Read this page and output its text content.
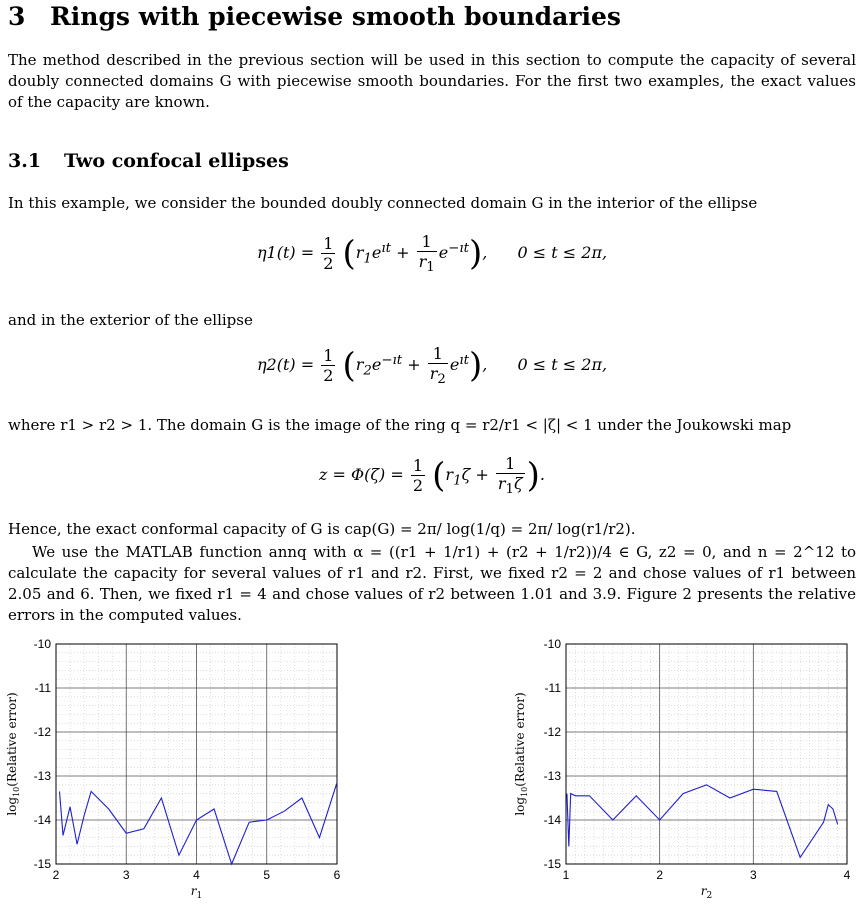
3 Rings with piecewise smooth boundaries
The method described in the previous section will be used in this section to compute the capacity of several doubly connected domains G with piecewise smooth boundaries. For the first two examples, the exact values of the capacity are known.
3.1 Two confocal ellipses
In this example, we consider the bounded doubly connected domain G in the interior of the ellipse
$\eta 1(t) = \frac{1}{2} (r_1e^{ıt} + \frac{1}{r_1} e^{-ıt})$,  0 ≤ t ≤ 2π,
and in the exterior of the ellipse
$\eta 2(t) = \frac{1}{2} (r_2e^{-ıt} + \frac{1}{r_2} e^{ıt})$,  0 ≤ t ≤ 2π,
where r1 > r2 > 1. The domain G is the image of the ring q = r2/r1 < |ζ| < 1 under the Joukowski map
$z = \Phi(\zeta) = \frac{1}{2} (r_1\zeta + \frac{1}{r_1\zeta}$ ).
Hence, the exact conformal capacity of G is cap(G) = 2π/ log(1/q) = 2π/ log(r1/r2).
We use the MATLAB function annq with α = ((r1 + 1/r1) + (r2 + 1/r2))/4 ∈ G, z2 = 0, and n = 2^12 to calculate the capacity for several values of r1 and r2. First, we fixed r2 = 2 and chose values of r1 between 2.05 and 6. Then, we fixed r1 = 4 and chose values of r2 between 1.01 and 3.9. Figure 2 presents the relative errors in the computed values.
2	3	4	5	6
-15
-14
-13
-12
-11
-10
$r_1$
$\log_{10}(Relative$ error)
1	2	3	4
-15
-14
-13
-12
-11
-10
$r_2$
$\log_{10}(Relative$ error)
